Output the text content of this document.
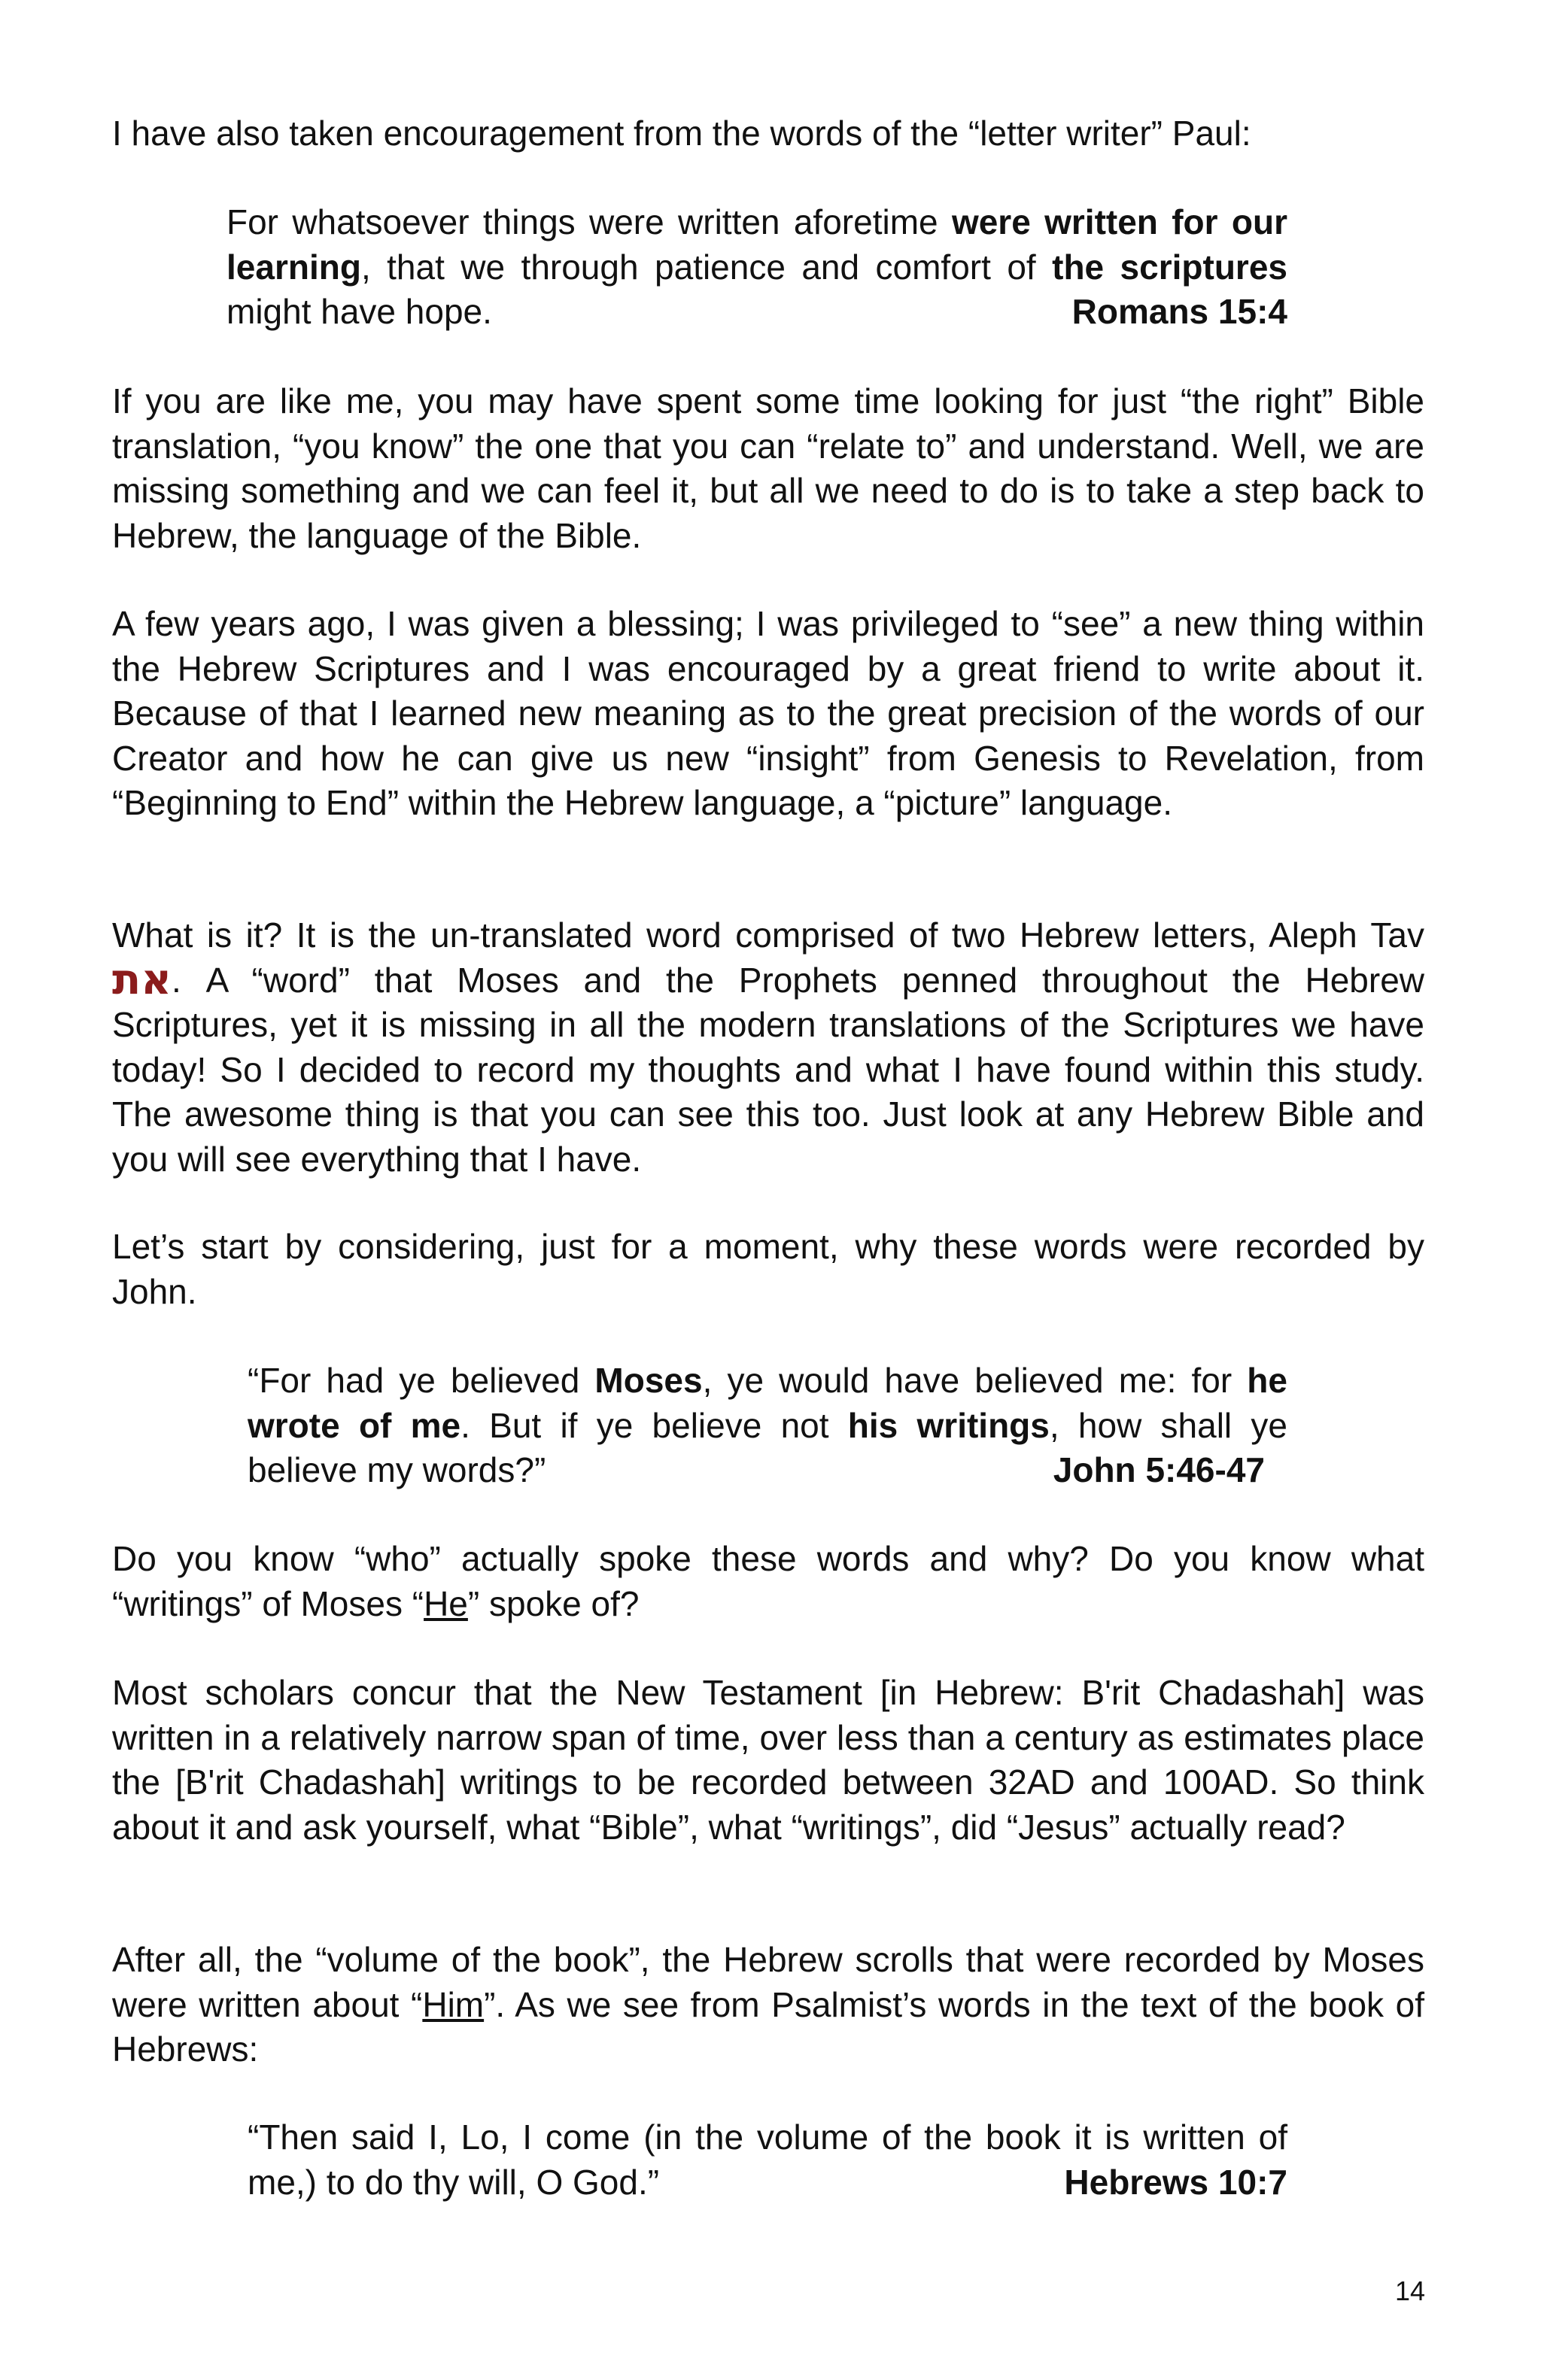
I have also taken encouragement from the words of the “letter writer” Paul:

For whatsoever things were written aforetime were written for our learning, that we through patience and comfort of the scriptures might have hope.	Romans 15:4

If you are like me, you may have spent some time looking for just “the right” Bible translation, “you know” the one that you can “relate to” and understand. Well, we are missing something and we can feel it, but all we need to do is to take a step back to Hebrew, the language of the Bible.

A few years ago, I was given a blessing; I was privileged to “see” a new thing within the Hebrew Scriptures and I was encouraged by a great friend to write about it. Because of that I learned new meaning as to the great precision of the words of our Creator and how he can give us new “insight” from Genesis to Revelation, from “Beginning to End” within the Hebrew language, a “picture” language.

What is it? It is the un-translated word comprised of two Hebrew letters, Aleph Tav את. A “word” that Moses and the Prophets penned throughout the Hebrew Scriptures, yet it is missing in all the modern translations of the Scriptures we have today! So I decided to record my thoughts and what I have found within this study. The awesome thing is that you can see this too. Just look at any Hebrew Bible and you will see everything that I have.

Let’s start by considering, just for a moment, why these words were recorded by John.

“For had ye believed Moses, ye would have believed me: for he wrote of me. But if ye believe not his writings, how shall ye believe my words?”	John 5:46-47

Do you know “who” actually spoke these words and why? Do you know what “writings” of Moses “He” spoke of?

Most scholars concur that the New Testament [in Hebrew: B'rit Chadashah] was written in a relatively narrow span of time, over less than a century as estimates place the [B'rit Chadashah] writings to be recorded between 32AD and 100AD. So think about it and ask yourself, what “Bible”, what “writings”, did “Jesus” actually read?

After all, the “volume of the book”, the Hebrew scrolls that were recorded by Moses were written about “Him”. As we see from Psalmist’s words in the text of the book of Hebrews:

“Then said I, Lo, I come (in the volume of the book it is written of me,) to do thy will, O God.”	Hebrews 10:7

14
